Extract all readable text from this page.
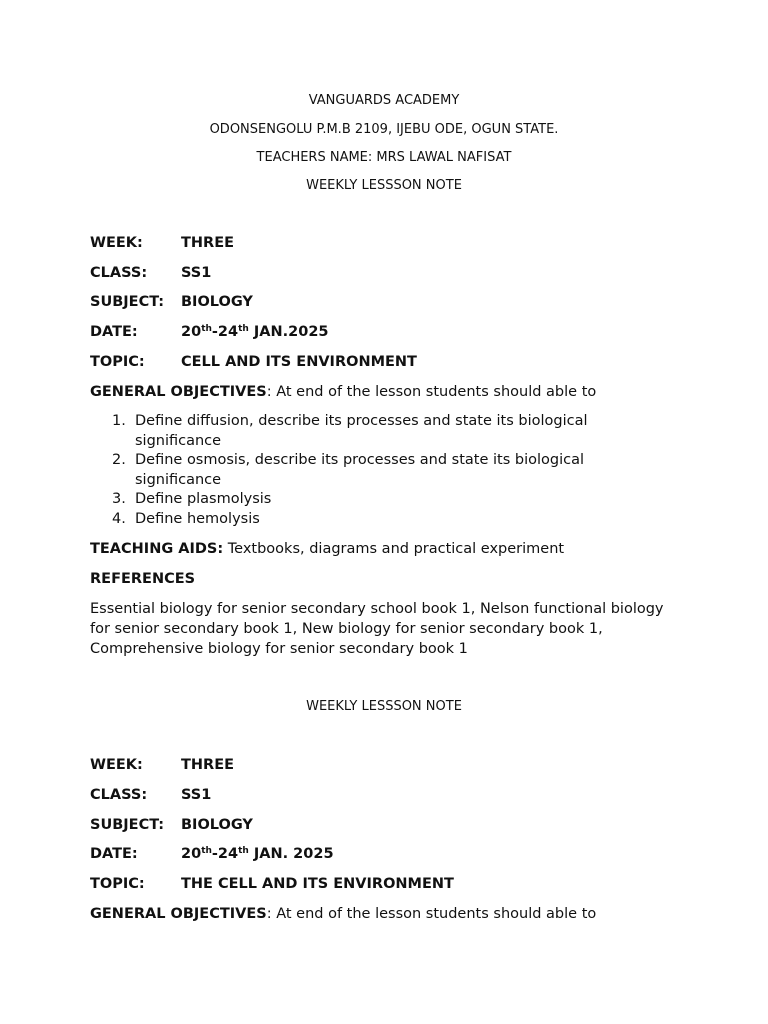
VANGUARDS ACADEMY
ODONSENGOLU P.M.B 2109, IJEBU ODE, OGUN STATE.
TEACHERS NAME: MRS LAWAL NAFISAT
WEEKLY LESSSON NOTE
WEEK:	THREE
CLASS: SS1
SUBJECT: BIOLOGY
DATE:	20th-24th JAN.2025
TOPIC:	CELL AND ITS ENVIRONMENT
GENERAL OBJECTIVES: At end of the lesson students should able to
1. Define diffusion, describe its processes and state its biological significance
2. Define osmosis, describe its processes and state its biological significance
3. Define plasmolysis
4. Define hemolysis
TEACHING AIDS: Textbooks, diagrams and practical experiment
REFERENCES
Essential biology for senior secondary school book 1, Nelson functional biology for senior secondary book 1, New biology for senior secondary book 1, Comprehensive biology for senior secondary book 1
WEEKLY LESSSON NOTE
WEEK:	THREE
CLASS: SS1
SUBJECT: BIOLOGY
DATE:	20th-24th JAN. 2025
TOPIC:	THE CELL AND ITS ENVIRONMENT
GENERAL OBJECTIVES: At end of the lesson students should able to
